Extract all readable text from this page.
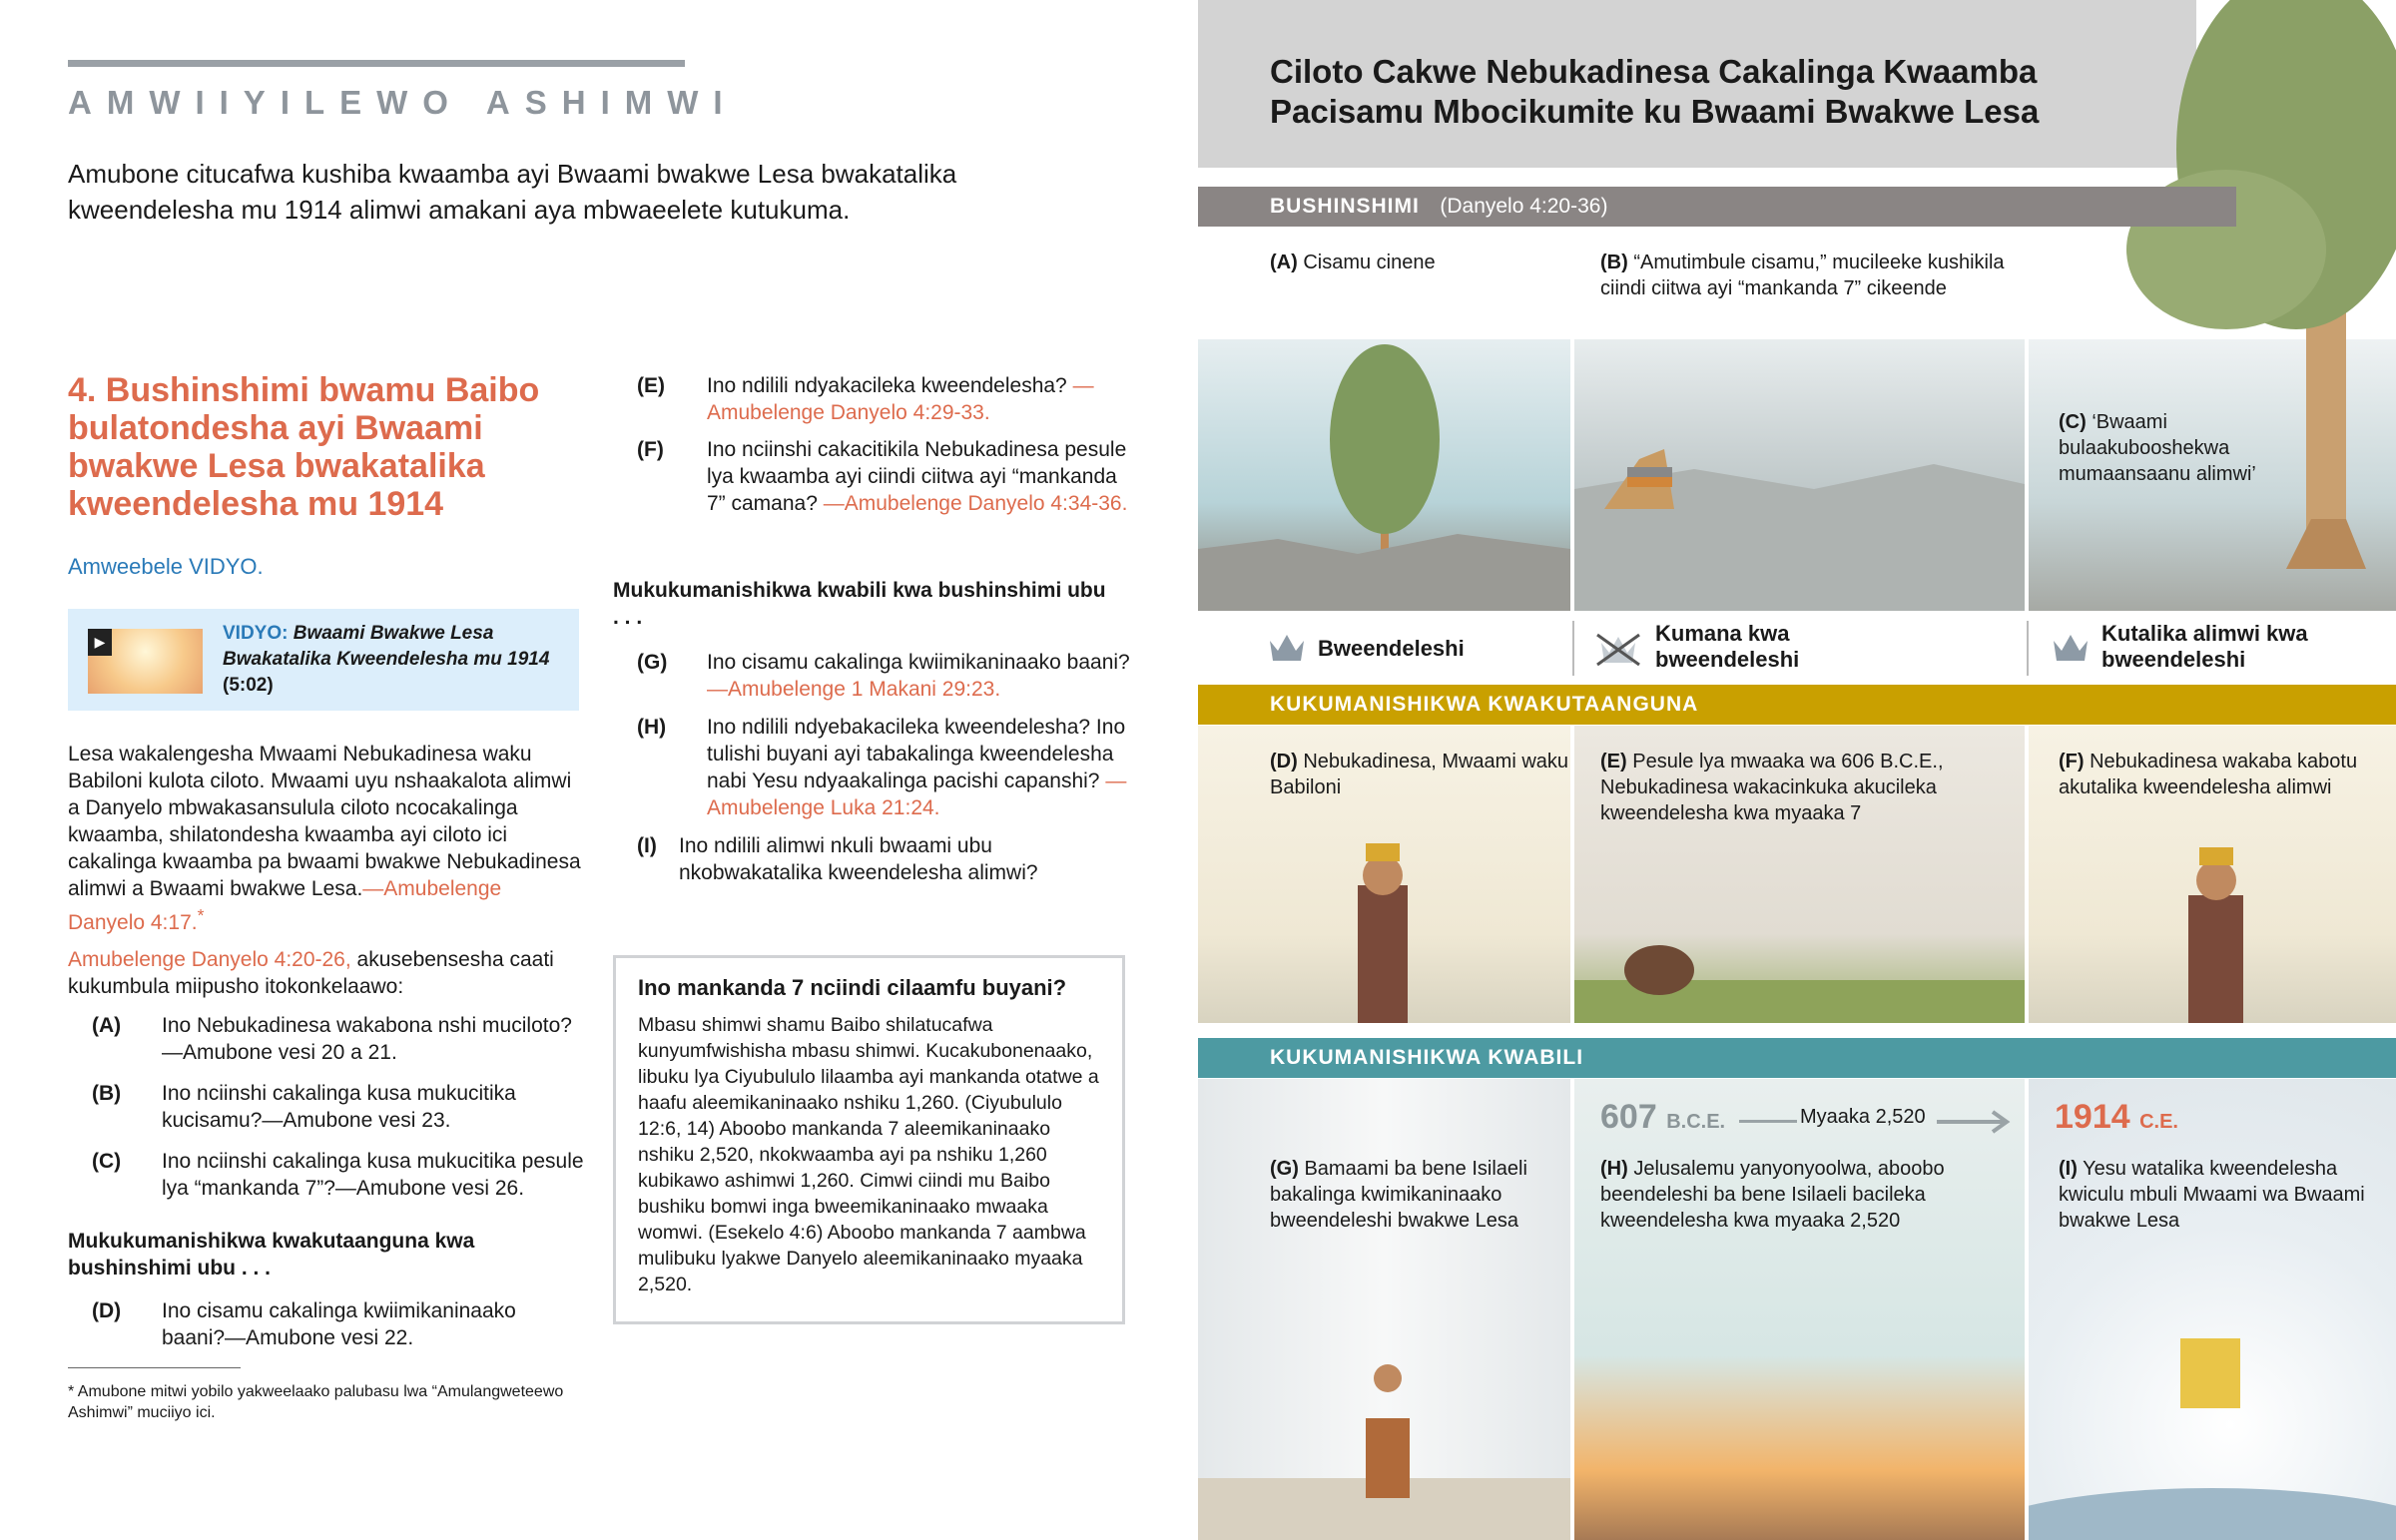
AMWIIYILEWO ASHIMWI
Amubone citucafwa kushiba kwaamba ayi Bwaami bwakwe Lesa bwakatalika kweendelesha mu 1914 alimwi amakani aya mbwaeelete kutukuma.
4. Bushinshimi bwamu Baibo bulatondesha ayi Bwaami bwakwe Lesa bwakatalika kweendelesha mu 1914
Amweebele VIDYO.
▶	VIDYO: Bwaami Bwakwe Lesa Bwakatalika Kweendelesha mu 1914
(5:02)
Lesa wakalengesha Mwaami Nebukadinesa waku Babiloni kulota ciloto. Mwaami uyu nshaakalota alimwi a Danyelo mbwakasansulula ciloto ncocakalinga kwaamba, shilatondesha kwaamba ayi ciloto ici cakalinga kwaamba pa bwaami bwakwe Nebukadinesa alimwi a Bwaami bwakwe Lesa.—Amubelenge Danyelo 4:17.*
Amubelenge Danyelo 4:20-26, akusebensesha caati kukumbula miipusho itokonkelaawo:
(A)	Ino Nebukadinesa wakabona nshi muciloto?—Amubone vesi 20 a 21.
(B)	Ino nciinshi cakalinga kusa mukucitika kucisamu?—Amubone vesi 23.
(C)	Ino nciinshi cakalinga kusa mukucitika pesule lya “mankanda 7”?—Amubone vesi 26.
Mukukumanishikwa kwakutaanguna kwa bushinshimi ubu . . .
(D)	Ino cisamu cakalinga kwiimikaninaako baani?—Amubone vesi 22.
* Amubone mitwi yobilo yakweelaako palubasu lwa “Amulangweteewo Ashimwi” muciiyo ici.
(E)	Ino ndilili ndyakacileka kweendelesha? —Amubelenge Danyelo 4:29-33.
(F)	Ino nciinshi cakacitikila Nebukadinesa pesule lya kwaamba ayi ciindi ciitwa ayi “mankanda 7” camana? —Amubelenge Danyelo 4:34-36.
Mukukumanishikwa kwabili kwa bushinshimi ubu . . .
(G)	Ino cisamu cakalinga kwiimikaninaako baani? —Amubelenge 1 Makani 29:23.
(H)	Ino ndilili ndyebakacileka kweendelesha? Ino tulishi buyani ayi tabakalinga kweendelesha nabi Yesu ndyaakalinga pacishi capanshi? —Amubelenge Luka 21:24.
(I)	Ino ndilili alimwi nkuli bwaami ubu nkobwakatalika kweendelesha alimwi?
Ino mankanda 7 nciindi cilaamfu buyani?

Mbasu shimwi shamu Baibo shilatucafwa kunyumfwishisha mbasu shimwi. Kucakubonenaako, libuku lya Ciyubululo lilaamba ayi mankanda otatwe a haafu aleemikaninaako nshiku 1,260. (Ciyubululo 12:6, 14) Aboobo mankanda 7 aleemikaninaako nshiku 2,520, nkokwaamba ayi pa nshiku 1,260 kubikawo ashimwi 1,260. Cimwi ciindi mu Baibo bushiku bomwi inga bweemikaninaako mwaaka womwi. (Esekelo 4:6) Aboobo mankanda 7 aambwa mulibuku lyakwe Danyelo aleemikaninaako myaaka 2,520.

Ciloto Cakwe Nebukadinesa Cakalinga Kwaamba
Pacisamu Mbocikumite ku Bwaami Bwakwe Lesa
BUSHINSHIMI (Danyelo 4:20-36)
(A) Cisamu cinene	(B) “Amutimbule cisamu,” mucileeke kushikila ciindi ciitwa ayi “mankanda 7” cikeende
(C) ‘Bwaami bulaakubooshekwa mumaansaanu alimwi’
Bweendeleshi
Kumana kwa bweendeleshi
Kutalika alimwi kwa bweendeleshi
KUKUMANISHIKWA KWAKUTAANGUNA
(D) Nebukadinesa, Mwaami waku Babiloni
(E) Pesule lya mwaaka wa 606 B.C.E., Nebukadinesa wakacinkuka akucileka kweendelesha kwa myaaka 7
(F) Nebukadinesa wakaba kabotu akutalika kweendelesha alimwi
KUKUMANISHIKWA KWABILI
607 B.C.E.	Myaaka 2,520	1914 C.E.
(G) Bamaami ba bene Isilaeli bakalinga kwimikaninaako bweendeleshi bwakwe Lesa
(H) Jelusalemu yanyonyoolwa, aboobo beendeleshi ba bene Isilaeli bacileka kweendelesha kwa myaaka 2,520
(I) Yesu watalika kweendelesha kwiculu mbuli Mwaami wa Bwaami bwakwe Lesa
